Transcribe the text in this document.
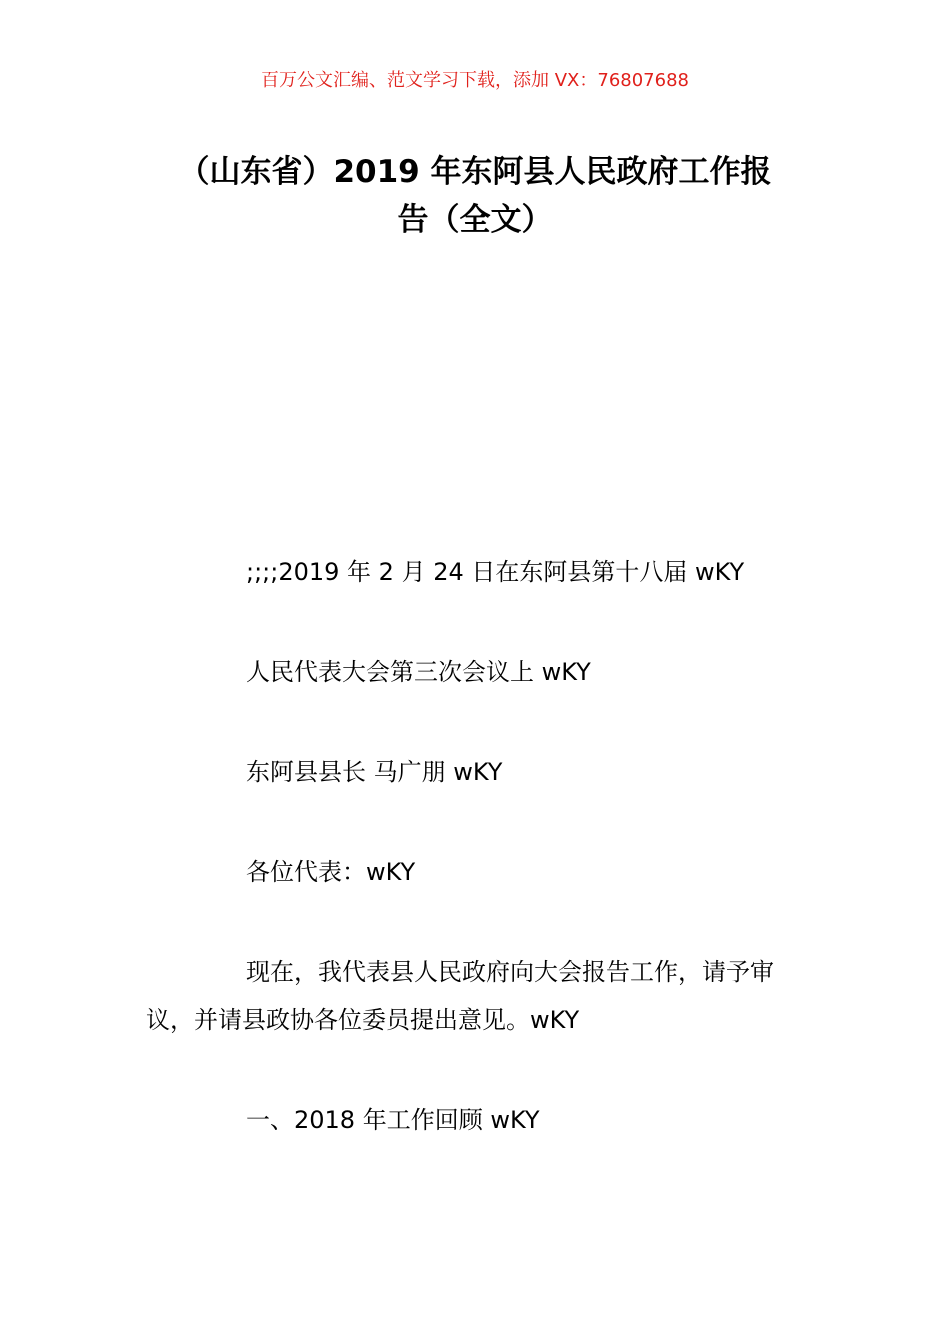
百万公文汇编、范文学习下载，添加 VX：76807688
（山东省）2019 年东阿县人民政府工作报
告（全文）
;;;;2019 年 2 月 24 日在东阿县第十八届 wKY
人民代表大会第三次会议上 wKY
东阿县县长 马广朋 wKY
各位代表：wKY
现在，我代表县人民政府向大会报告工作，请予审议，并请县政协各位委员提出意见。wKY
一、2018 年工作回顾 wKY
